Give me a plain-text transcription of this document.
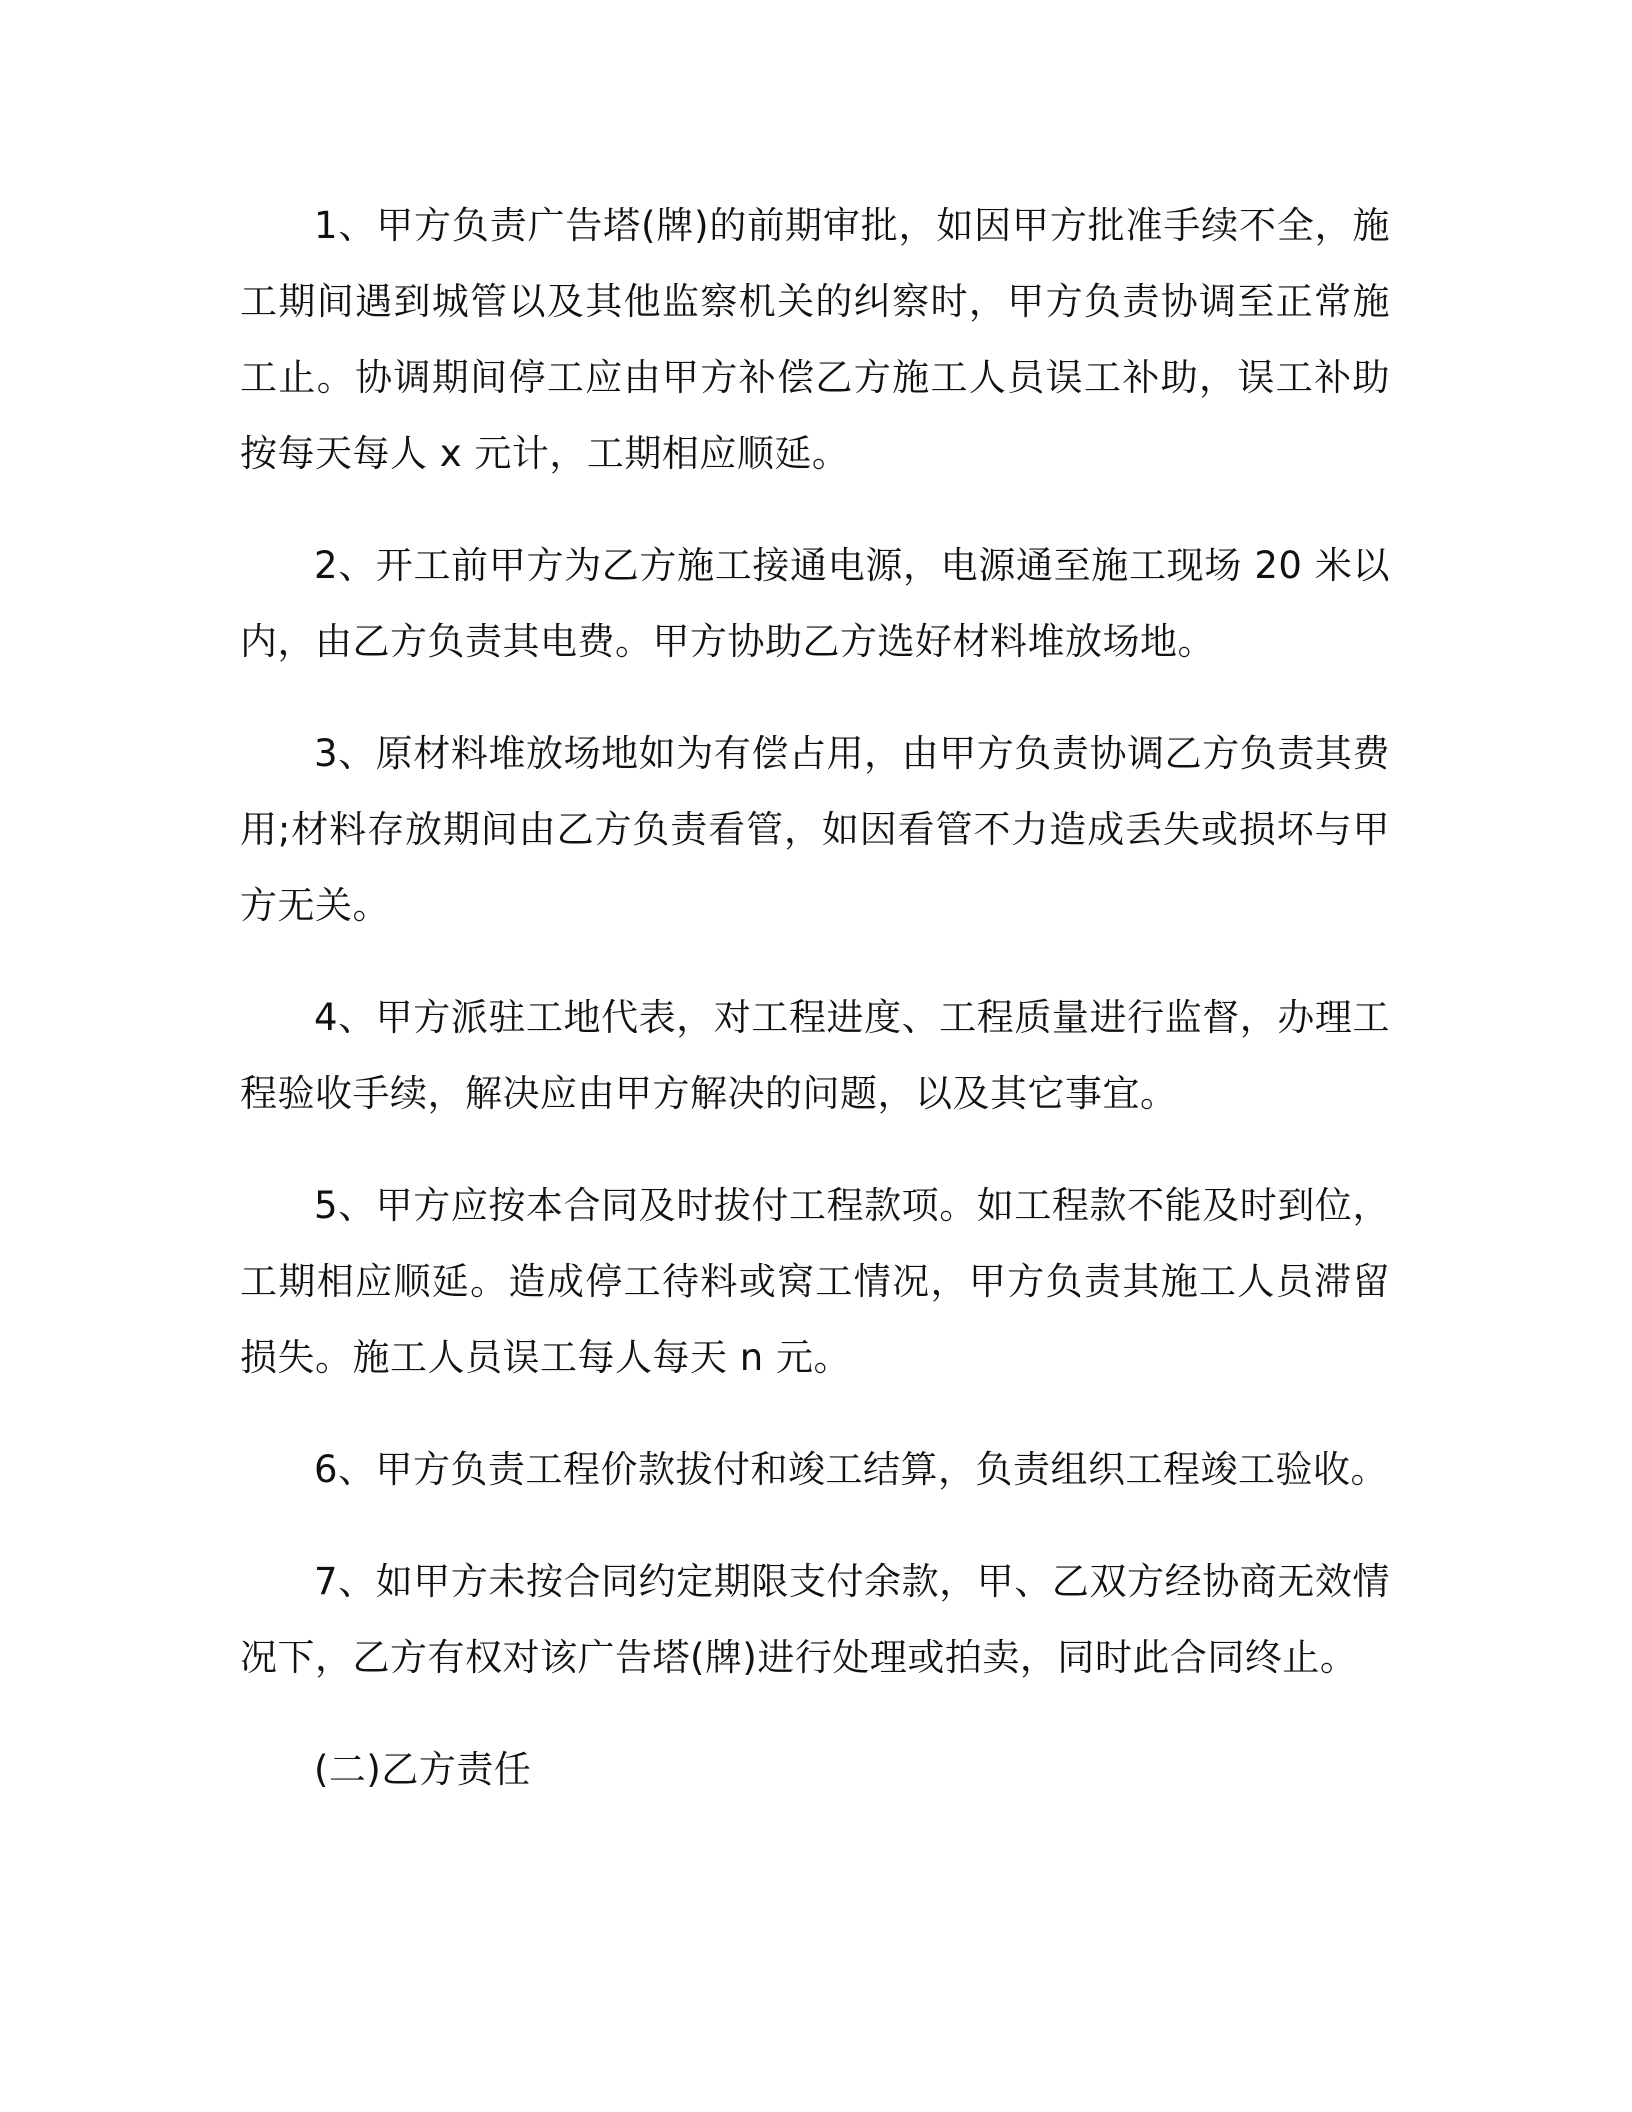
1、甲方负责广告塔(牌)的前期审批，如因甲方批准手续不全，施工期间遇到城管以及其他监察机关的纠察时，甲方负责协调至正常施工止。协调期间停工应由甲方补偿乙方施工人员误工补助，误工补助按每天每人 x 元计，工期相应顺延。

2、开工前甲方为乙方施工接通电源，电源通至施工现场 20 米以内，由乙方负责其电费。甲方协助乙方选好材料堆放场地。

3、原材料堆放场地如为有偿占用，由甲方负责协调乙方负责其费用;材料存放期间由乙方负责看管，如因看管不力造成丢失或损坏与甲方无关。

4、甲方派驻工地代表，对工程进度、工程质量进行监督，办理工程验收手续，解决应由甲方解决的问题，以及其它事宜。

5、甲方应按本合同及时拔付工程款项。如工程款不能及时到位，工期相应顺延。造成停工待料或窝工情况，甲方负责其施工人员滞留损失。施工人员误工每人每天 n 元。

6、甲方负责工程价款拔付和竣工结算，负责组织工程竣工验收。

7、如甲方未按合同约定期限支付余款，甲、乙双方经协商无效情况下，乙方有权对该广告塔(牌)进行处理或拍卖，同时此合同终止。

(二)乙方责任
